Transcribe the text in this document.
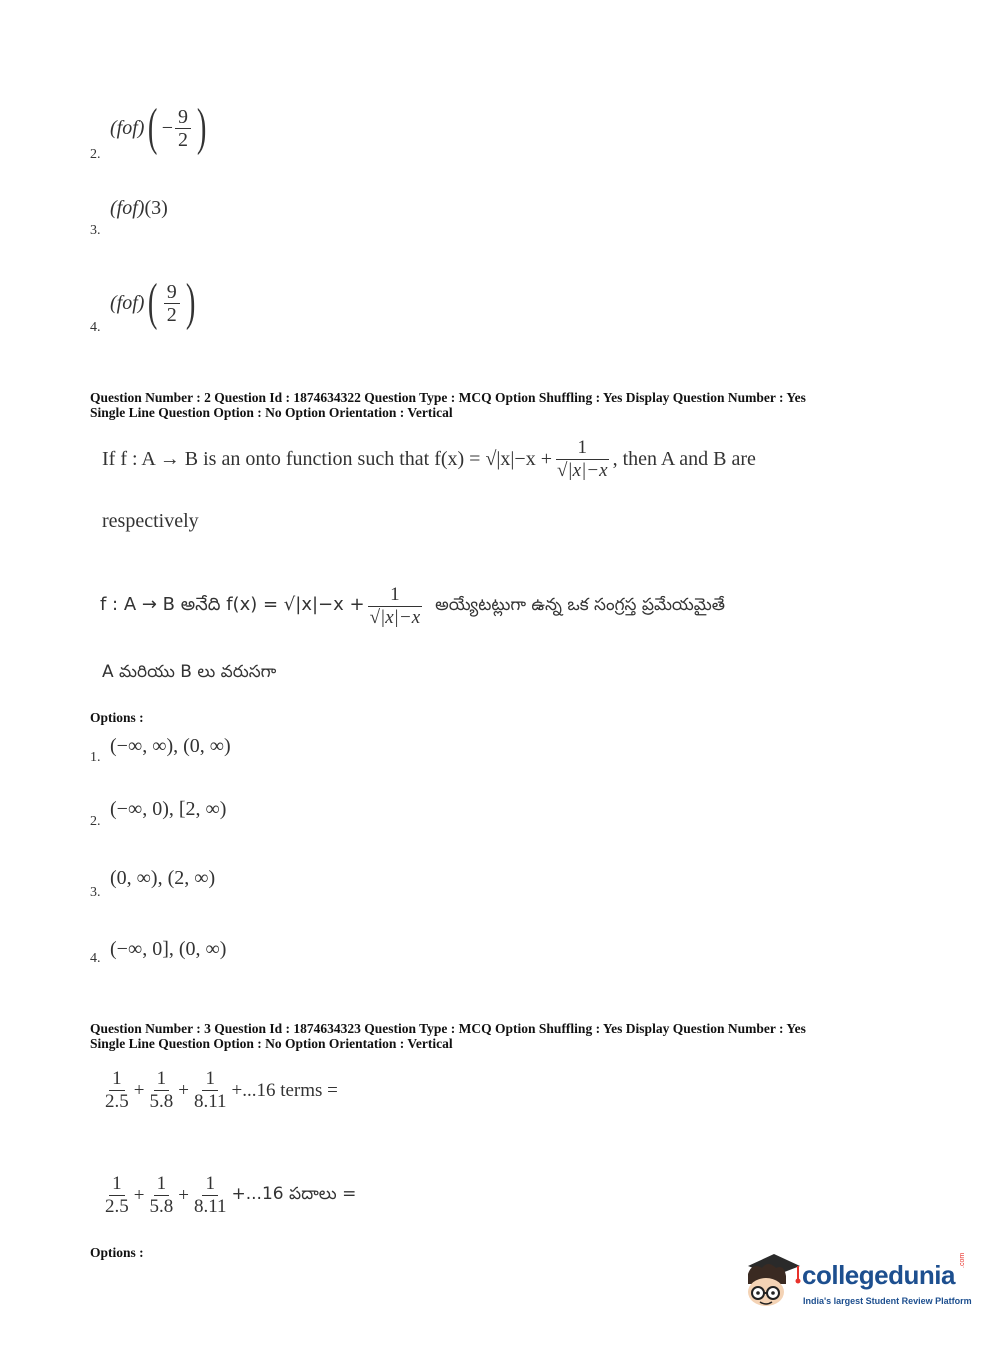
2.
(fof) ( − $\frac{9}{2}$ )
3.
(fof)(3)
4.
(fof) ( $\frac{9}{2}$ )
Question Number : 2 Question Id : 1874634322 Question Type : MCQ Option Shuffling : Yes Display Question Number : Yes
Single Line Question Option : No Option Orientation : Vertical
If f : A → B is an onto function such that $f(x) = √|x|-x + \frac{1}{√|x|-x}$ , then A and B are
respectively
f : A → B అనేది $f(x) = √|x|-x + \frac{1}{√|x|-x}$ అయ్యేటట్లుగా ఉన్న ఒక సంగ్రస్త ప్రమేయమైతే
A మరియు B లు వరుసగా
Options :
1.
(−∞, ∞), (0, ∞)
2.
(−∞, 0), [2, ∞)
3.
(0, ∞), (2, ∞)
4. (−∞, 0], (0, ∞)
Question Number : 3 Question Id : 1874634323 Question Type : MCQ Option Shuffling : Yes Display Question Number : Yes
Single Line Question Option : No Option Orientation : Vertical
$\frac{1}{2.5} + \frac{1}{5.8} + \frac{1}{8.11} +...16$ terms =
$\frac{1}{2.5} + \frac{1}{5.8} + \frac{1}{8.11} +...16$ పదాలు =
Options :
collegedunia .com
India's largest Student Review Platform
